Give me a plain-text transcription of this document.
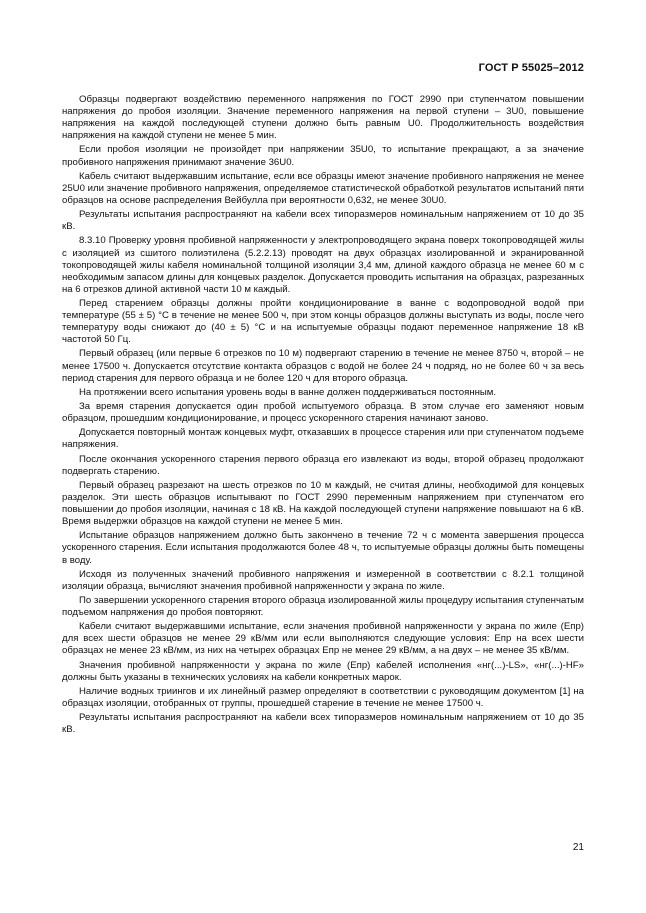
ГОСТ Р 55025–2012

Образцы подвергают воздействию переменного напряжения по ГОСТ 2990 при ступенчатом повышении напряжения до пробоя изоляции. Значение переменного напряжения на первой ступени – 3U0, повышение напряжения на каждой последующей ступени должно быть равным U0. Продолжительность воздействия напряжения на каждой ступени не менее 5 мин.

Если пробоя изоляции не произойдет при напряжении 35U0, то испытание прекращают, а за значение пробивного напряжения принимают значение 36U0.

Кабель считают выдержавшим испытание, если все образцы имеют значение пробивного напряжения не менее 25U0 или значение пробивного напряжения, определяемое статистической обработкой результатов испытаний пяти образцов на основе распределения Вейбулла при вероятности 0,632, не менее 30U0.

Результаты испытания распространяют на кабели всех типоразмеров номинальным напряжением от 10 до 35 кВ.

8.3.10 Проверку уровня пробивной напряженности у электропроводящего экрана поверх токопроводящей жилы с изоляцией из сшитого полиэтилена (5.2.2.13) проводят на двух образцах изолированной и экранированной токопроводящей жилы кабеля номинальной толщиной изоляции 3,4 мм, длиной каждого образца не менее 60 м с необходимым запасом длины для концевых разделок. Допускается проводить испытания на образцах, разрезанных на 6 отрезков длиной активной части 10 м каждый.

Перед старением образцы должны пройти кондиционирование в ванне с водопроводной водой при температуре (55 ± 5) °С в течение не менее 500 ч, при этом концы образцов должны выступать из воды, после чего температуру воды снижают до (40 ± 5) °С и на испытуемые образцы подают переменное напряжение 18 кВ частотой 50 Гц.

Первый образец (или первые 6 отрезков по 10 м) подвергают старению в течение не менее 8750 ч, второй – не менее 17500 ч. Допускается отсутствие контакта образцов с водой не более 24 ч подряд, но не более 60 ч за весь период старения для первого образца и не более 120 ч для второго образца.

На протяжении всего испытания уровень воды в ванне должен поддерживаться постоянным.

За время старения допускается один пробой испытуемого образца. В этом случае его заменяют новым образцом, прошедшим кондиционирование, и процесс ускоренного старения начинают заново.

Допускается повторный монтаж концевых муфт, отказавших в процессе старения или при ступенчатом подъеме напряжения.

После окончания ускоренного старения первого образца его извлекают из воды, второй образец продолжают подвергать старению.

Первый образец разрезают на шесть отрезков по 10 м каждый, не считая длины, необходимой для концевых разделок. Эти шесть образцов испытывают по ГОСТ 2990 переменным напряжением при ступенчатом его повышении до пробоя изоляции, начиная с 18 кВ. На каждой последующей ступени напряжение повышают на 6 кВ. Время выдержки образцов на каждой ступени не менее 5 мин.

Испытание образцов напряжением должно быть закончено в течение 72 ч с момента завершения процесса ускоренного старения. Если испытания продолжаются более 48 ч, то испытуемые образцы должны быть помещены в воду.

Исходя из полученных значений пробивного напряжения и измеренной в соответствии с 8.2.1 толщиной изоляции образца, вычисляют значения пробивной напряженности у экрана по жиле.

По завершении ускоренного старения второго образца изолированной жилы процедуру испытания ступенчатым подъемом напряжения до пробоя повторяют.

Кабели считают выдержавшими испытание, если значения пробивной напряженности у экрана по жиле (Епр) для всех шести образцов не менее 29 кВ/мм или если выполняются следующие условия: Епр на всех шести образцах не менее 23 кВ/мм, из них на четырех образцах Епр не менее 29 кВ/мм, а на двух – не менее 35 кВ/мм.

Значения пробивной напряженности у экрана по жиле (Епр) кабелей исполнения «нг(...)-LS», «нг(...)-HF» должны быть указаны в технических условиях на кабели конкретных марок.

Наличие водных триингов и их линейный размер определяют в соответствии с руководящим документом [1] на образцах изоляции, отобранных от группы, прошедшей старение в течение не менее 17500 ч.

Результаты испытания распространяют на кабели всех типоразмеров номинальным напряжением от 10 до 35 кВ.

21
